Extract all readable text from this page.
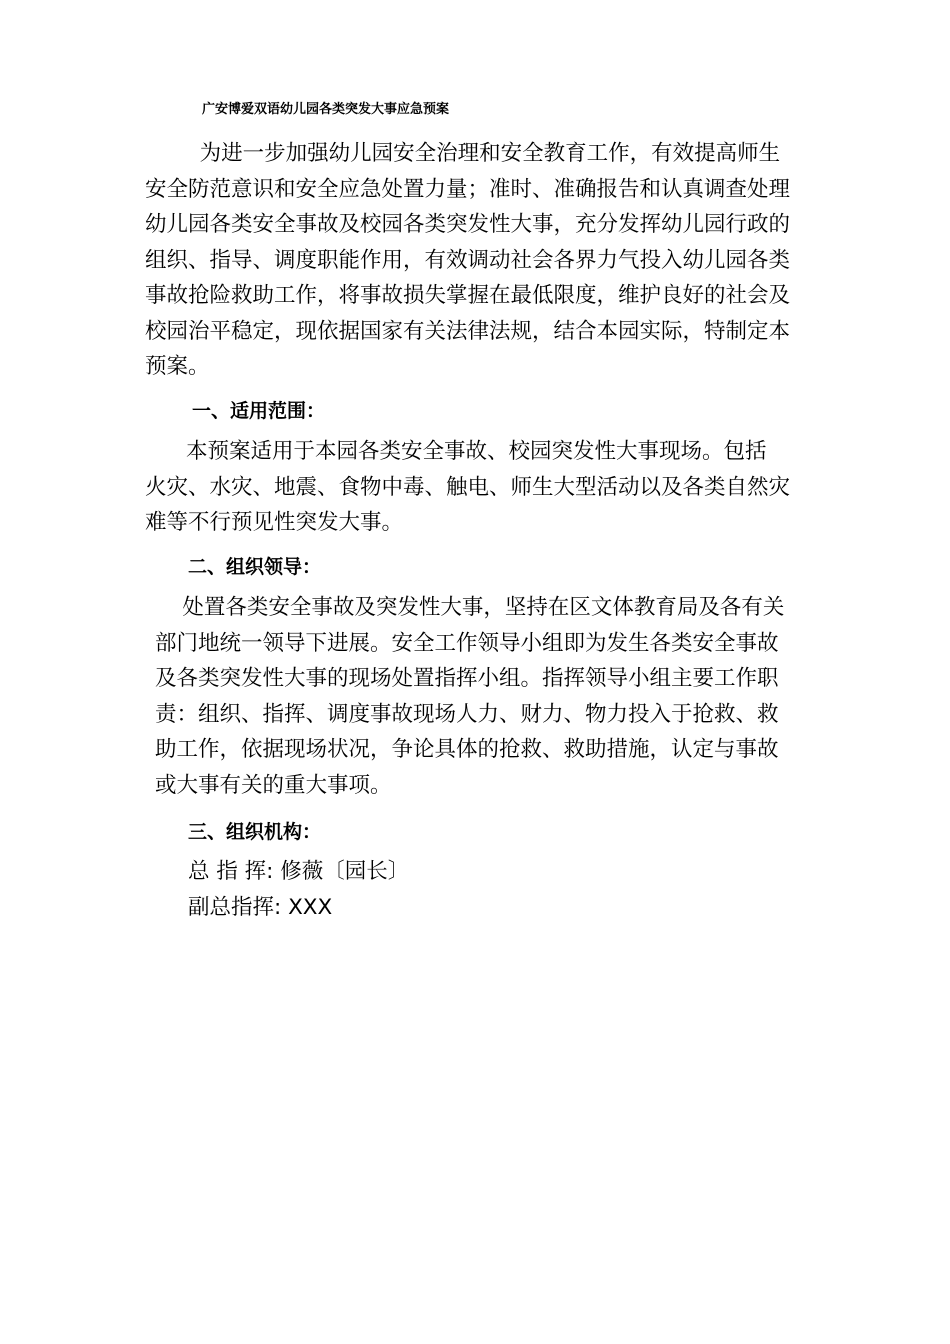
广安博爱双语幼儿园各类突发大事应急预案
为进一步加强幼儿园安全治理和安全教育工作，有效提高师生
安全防范意识和安全应急处置力量；准时、准确报告和认真调查处理
幼儿园各类安全事故及校园各类突发性大事，充分发挥幼儿园行政的
组织、指导、调度职能作用，有效调动社会各界力气投入幼儿园各类
事故抢险救助工作，将事故损失掌握在最低限度，维护良好的社会及
校园治平稳定，现依据国家有关法律法规，结合本园实际，特制定本
预案。
一、适用范围：
本预案适用于本园各类安全事故、校园突发性大事现场。包括
火灾、水灾、地震、食物中毒、触电、师生大型活动以及各类自然灾
难等不行预见性突发大事。
二、组织领导：
处置各类安全事故及突发性大事，坚持在区文体教育局及各有关
部门地统一领导下进展。安全工作领导小组即为发生各类安全事故
及各类突发性大事的现场处置指挥小组。指挥领导小组主要工作职
责：组织、指挥、调度事故现场人力、财力、物力投入于抢救、救
助工作，依据现场状况，争论具体的抢救、救助措施，认定与事故
或大事有关的重大事项。
三、组织机构：
总 指 挥: 修薇〔园长〕
副总指挥: XXX
